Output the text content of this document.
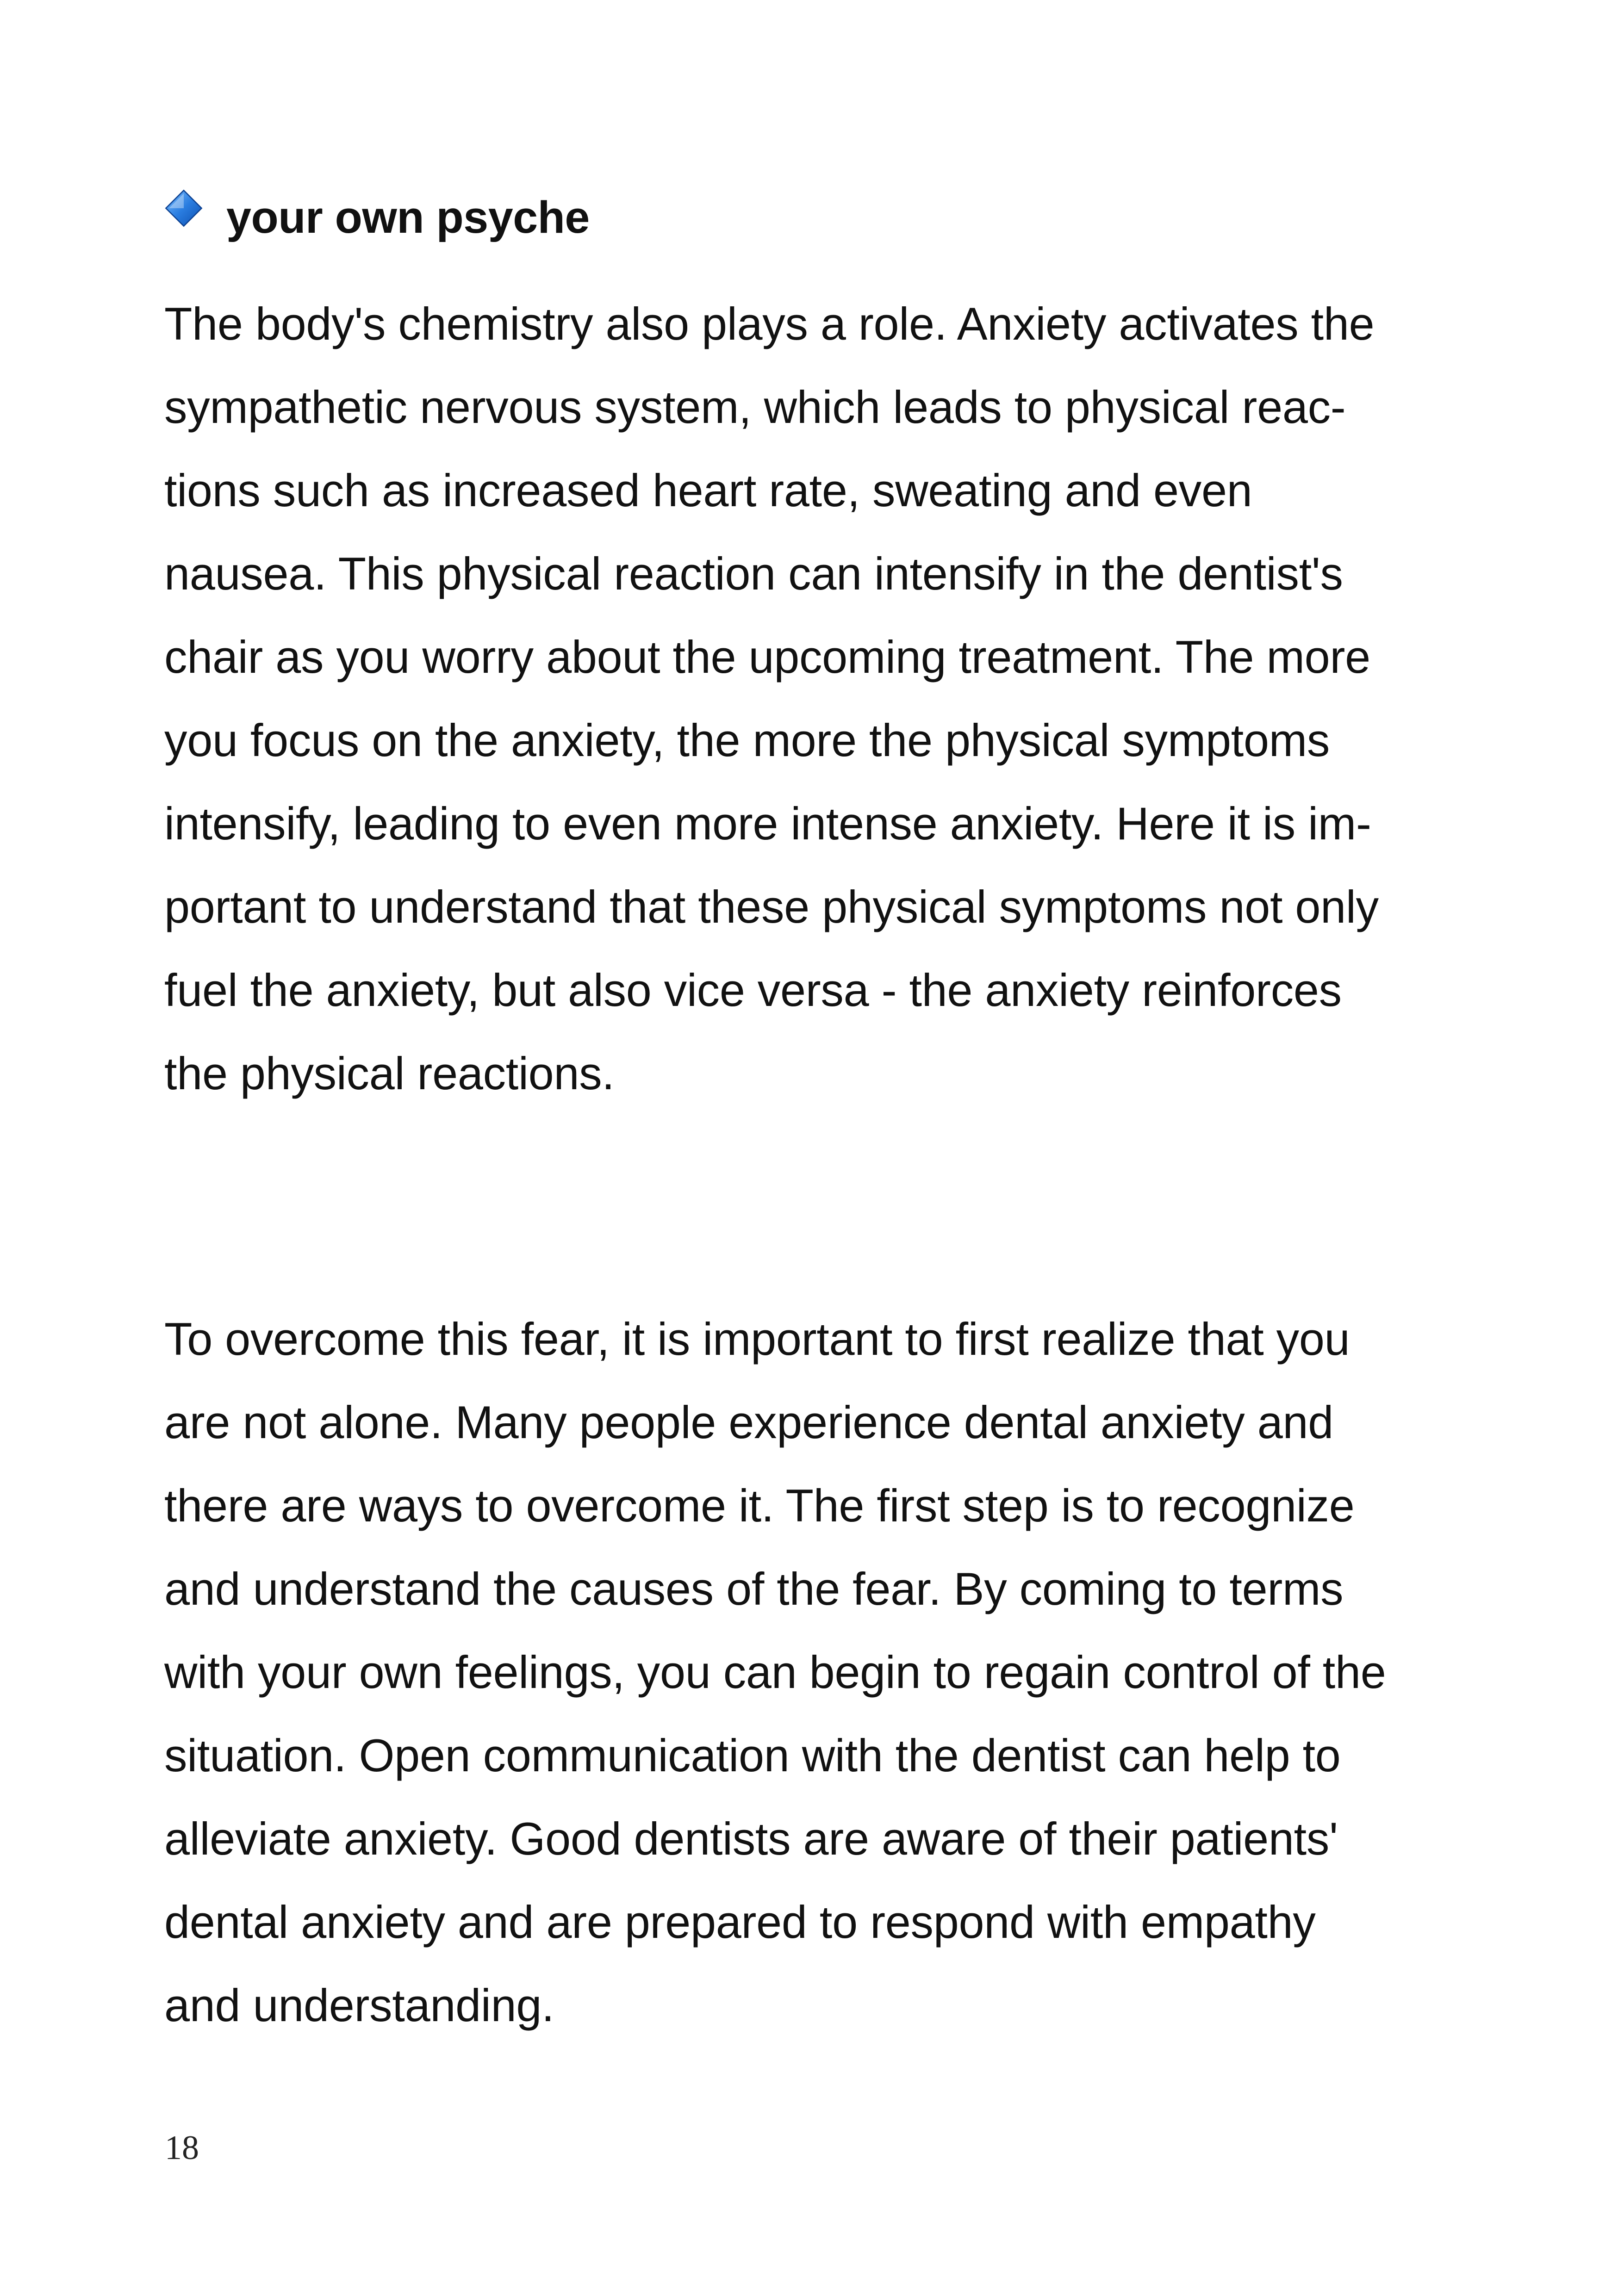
your own psyche
The body's chemistry also plays a role. Anxiety activates the
sympathetic nervous system, which leads to physical reac-
tions such as increased heart rate, sweating and even
nausea. This physical reaction can intensify in the dentist's
chair as you worry about the upcoming treatment. The more
you focus on the anxiety, the more the physical symptoms
intensify, leading to even more intense anxiety. Here it is im-
portant to understand that these physical symptoms not only
fuel the anxiety, but also vice versa - the anxiety reinforces
the physical reactions.
To overcome this fear, it is important to first realize that you
are not alone. Many people experience dental anxiety and
there are ways to overcome it. The first step is to recognize
and understand the causes of the fear. By coming to terms
with your own feelings, you can begin to regain control of the
situation. Open communication with the dentist can help to
alleviate anxiety. Good dentists are aware of their patients'
dental anxiety and are prepared to respond with empathy
and understanding.
18
